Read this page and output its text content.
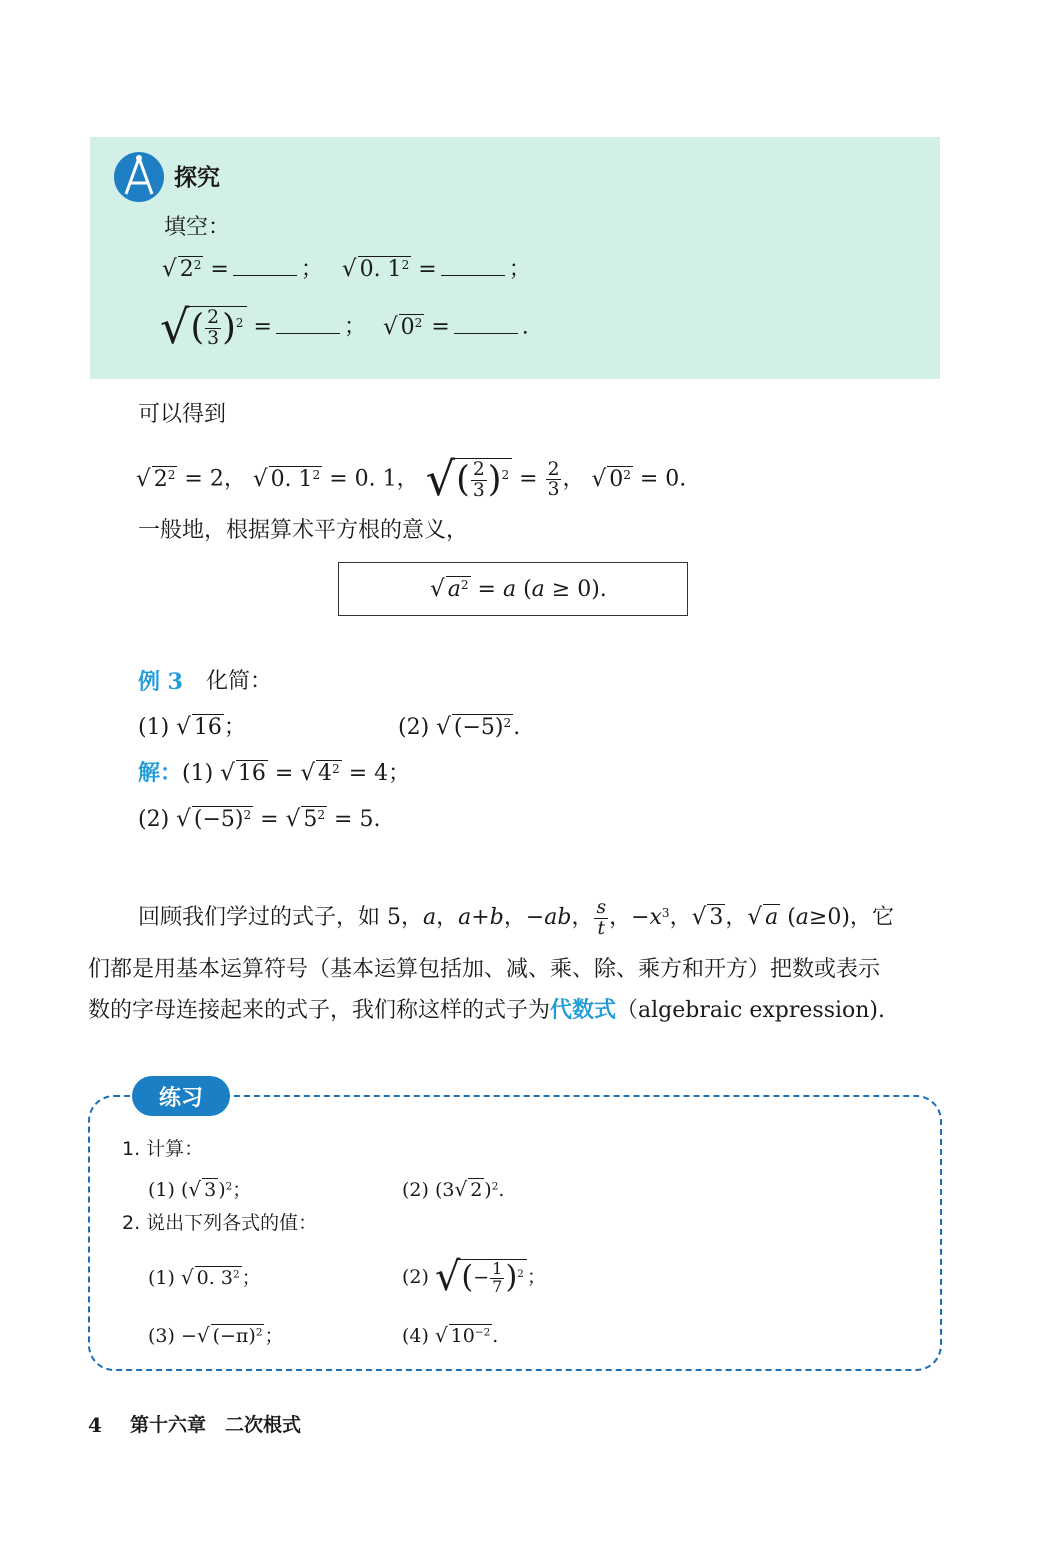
探究
填空：
√ $2^2$ =	； √ 0. $1^2$ =	；
√( $\frac{2}{3} )^2$ =	； √ $0^2$ =	.
可以得到
√ $2^2 = 2$， √ 0. $1^2 = 0$. 1， √( $\frac{2}{3} )^2 = \frac{2}{3}$ ， √ $0^2 = 0$.
一般地，根据算术平方根的意义，
√ $a^2 = a$ (a ≥ 0).
例 3 化简：
(1) √ 16；	(2) √ $(-5)^2$.
解：(1) √ 16 = √ $4^2 = 4$；
(2) √ $(-5)^2$ = √ $5^2 = 5$.
回顾我们学过的式子，如 5，a，a+b，−ab， $\frac{s}{t}$ ，$-x^3$，√ 3，√ a (a≥0)，它
们都是用基本运算符号（基本运算包括加、减、乘、除、乘方和开方）把数或表示
数的字母连接起来的式子，我们称这样的式子为代数式（algebraic expression).
练习
1. 计算：
(1) (√ 3 )$^2$；	(2) (3√ 2 )$^2$.
2. 说出下列各式的值：
(1) √ 0. $3^2$ ；	(2) √(− $\frac{1}{7} )^2$ ；
(3) −√ $(-\pi)^2$ ；	(4) √ $10^{-2}$ .
4 第十六章　二次根式
